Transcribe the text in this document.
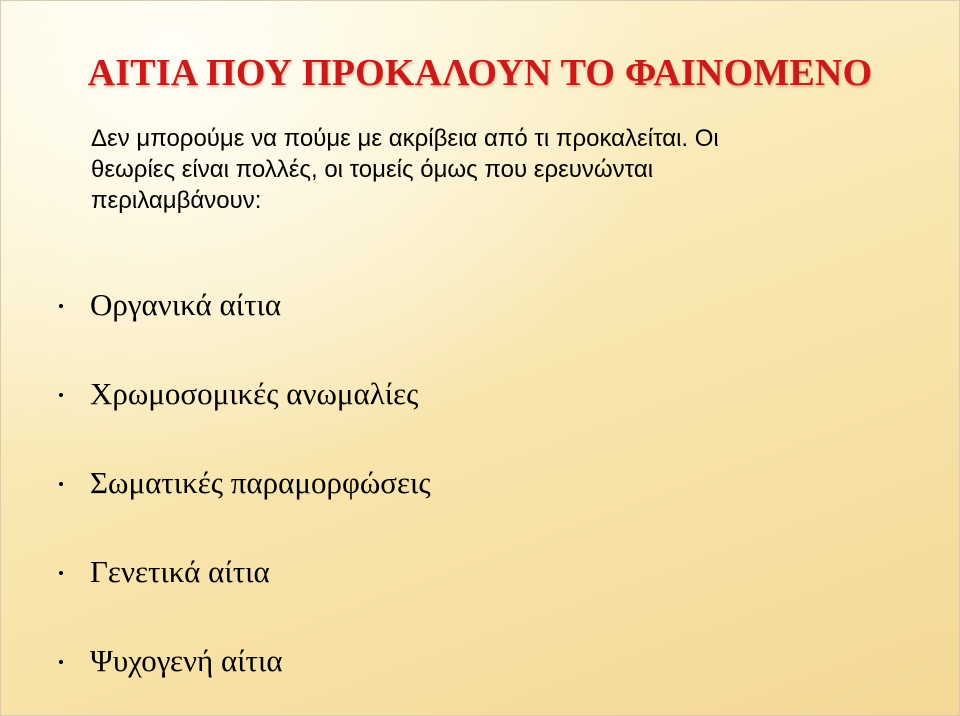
ΑΙΤΙΑ ΠΟΥ ΠΡΟΚΑΛΟΥΝ ΤΟ ΦΑΙΝΟΜΕΝΟ

Δεν μπορούμε να πούμε με ακρίβεια από τι προκαλείται. Οι
θεωρίες είναι πολλές, οι τομείς όμως που ερευνώνται
περιλαμβάνουν:

Οργανικά αίτια
Χρωμοσομικές ανωμαλίες
Σωματικές παραμορφώσεις
Γενετικά αίτια
Ψυχογενή αίτια
